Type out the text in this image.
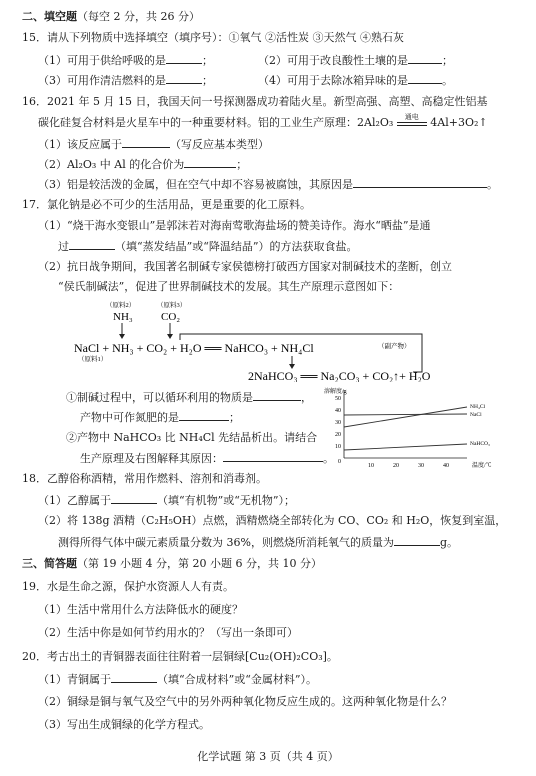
二、填空题（每空 2 分，共 26 分）
15．请从下列物质中选择填空（填序号）：①氧气 ②活性炭 ③天然气 ④熟石灰
（1）可用于供给呼吸的是	；	（2）可用于改良酸性土壤的是	；
（3）可用作清洁燃料的是	；	（4）可用于去除冰箱异味的是	。
16．2021 年 5 月 15 日，我国天问一号探测器成功着陆火星。新型高强、高塑、高稳定性铝基
碳化硅复合材料是火星车中的一种重要材料。铝的工业生产原理：2Al₂O₃	通电	4Al+3O₂↑
（1）该反应属于	（写反应基本类型）
（2）Al₂O₃ 中 Al 的化合价为	；
（3）铝是较活泼的金属，但在空气中却不容易被腐蚀，其原因是	。
17．氯化钠是必不可少的生活用品，更是重要的化工原料。
（1）“烧干海水变银山”是郭沫若对海南莺歌海盐场的赞美诗作。海水“晒盐”是通
过	（填“蒸发结晶”或“降温结晶”）的方法获取食盐。
（2）抗日战争期间，我国著名制碱专家侯德榜打破西方国家对制碱技术的垄断，创立
“侯氏制碱法”，促进了世界制碱技术的发展。其生产原理示意图如下：
（原料2）	（原料3）
NH₃	CO₂
NaCl + NH₃ + CO₂ + H₂O ══ NaHCO₃ + NH₄Cl
（原料1）
（副产物）
2NaHCO₃ ══ Na₂CO₃ + CO₂↑+ H₂O
①制碱过程中，可以循环利用的物质是	，
产物中可作氮肥的是	；
②产物中 NaHCO₃ 比 NH₄Cl 先结晶析出。请结合
生产原理及右图解释其原因：	。
溶解度/g
50
40
30
20
10
0
10	20	30	40	温度/℃
NH₄Cl
NaCl
NaHCO₃
18．乙醇俗称酒精，常用作燃料、溶剂和消毒剂。
（1）乙醇属于	（填“有机物”或“无机物”）；
（2）将 138g 酒精（C₂H₅OH）点燃，酒精燃烧全部转化为 CO、CO₂ 和 H₂O，恢复到室温，
测得所得气体中碳元素质量分数为 36%，则燃烧所消耗氧气的质量为	g。
三、简答题（第 19 小题 4 分，第 20 小题 6 分，共 10 分）
19．水是生命之源，保护水资源人人有责。
（1）生活中常用什么方法降低水的硬度？
（2）生活中你是如何节约用水的？（写出一条即可）
20．考古出土的青铜器表面往往附着一层铜绿[Cu₂(OH)₂CO₃]。
（1）青铜属于	（填“合成材料”或“金属材料”）。
（2）铜绿是铜与氧气及空气中的另外两种氧化物反应生成的。这两种氧化物是什么？
（3）写出生成铜绿的化学方程式。
化学试题 第 3 页（共 4 页）
